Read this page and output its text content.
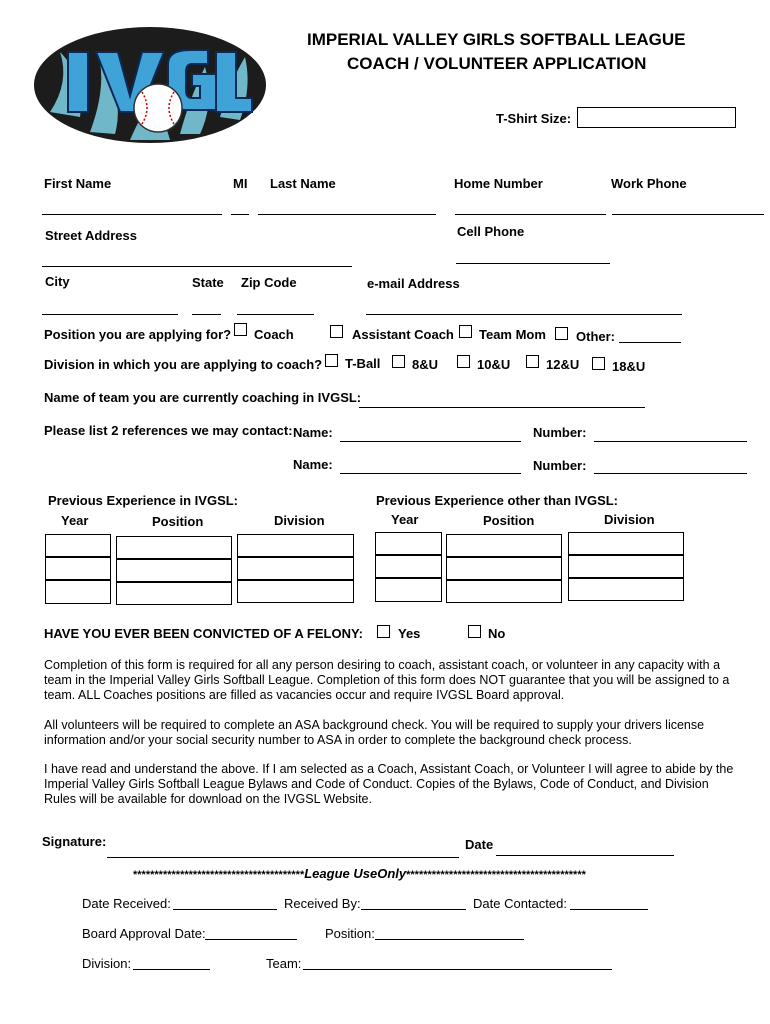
IMPERIAL VALLEY GIRLS SOFTBALL LEAGUE
COACH / VOLUNTEER APPLICATION
T-Shirt Size:
First Name	MI Last Name	Home Number	Work Phone
Street Address	Cell Phone
City	State Zip Code	e-mail Address
Position you are applying for? Coach	Assistant Coach Team Mom Other:
Division in which you are applying to coach? T-Ball 8&U	10&U	12&U	18&U
Name of team you are currently coaching in IVGSL:
Please list 2 references we may contact: Name:	Number:
Name:	Number:
Previous Experience in IVGSL:	Previous Experience other than IVGSL:
Year	Position	Division	Year	Position	Division
HAVE YOU EVER BEEN CONVICTED OF A FELONY:	Yes	No
Completion of this form is required for all any person desiring to coach, assistant coach, or volunteer in any capacity with a team in the Imperial Valley Girls Softball League. Completion of this form does NOT guarantee that you will be assigned to a team. ALL Coaches positions are filled as vacancies occur and require IVGSL Board approval.
All volunteers will be required to complete an ASA background check. You will be required to supply your drivers license information and/or your social security number to ASA in order to complete the background check process.
I have read and understand the above. If I am selected as a Coach, Assistant Coach, or Volunteer I will agree to abide by the Imperial Valley Girls Softball League Bylaws and Code of Conduct. Copies of the Bylaws, Code of Conduct, and Division Rules will be available for download on the IVGSL Website.
Signature:	Date
****************************************League UseOnly******************************************
Date Received:	Received By:	Date Contacted:
Board Approval Date:	Position:
Division:	Team:
